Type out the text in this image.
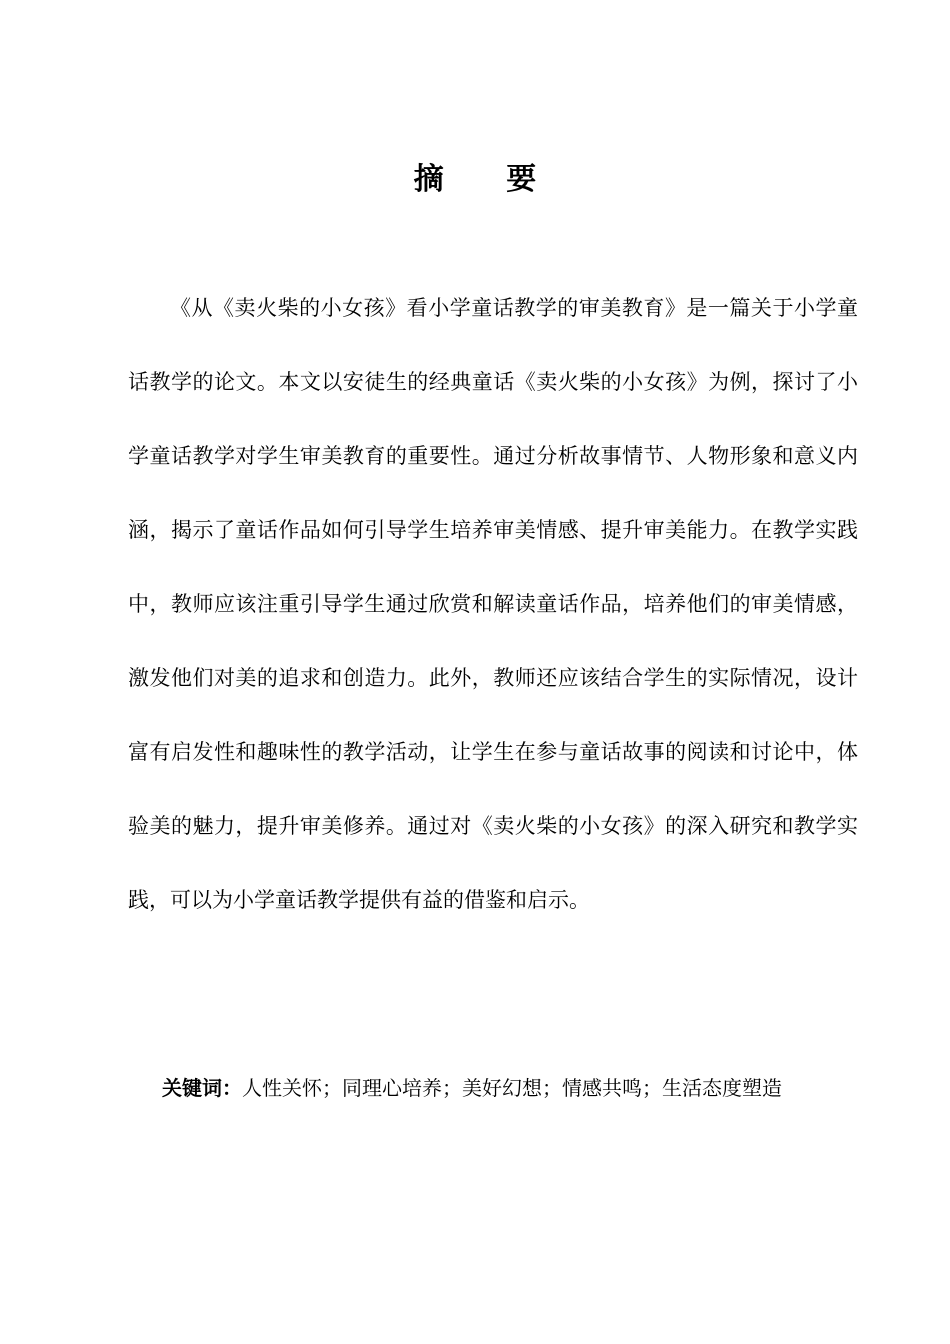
摘 要

《从《卖火柴的小女孩》看小学童话教学的审美教育》是一篇关于小学童话教学的论文。本文以安徒生的经典童话《卖火柴的小女孩》为例，探讨了小学童话教学对学生审美教育的重要性。通过分析故事情节、人物形象和意义内涵，揭示了童话作品如何引导学生培养审美情感、提升审美能力。在教学实践中，教师应该注重引导学生通过欣赏和解读童话作品，培养他们的审美情感，激发他们对美的追求和创造力。此外，教师还应该结合学生的实际情况，设计富有启发性和趣味性的教学活动，让学生在参与童话故事的阅读和讨论中，体验美的魅力，提升审美修养。通过对《卖火柴的小女孩》的深入研究和教学实践，可以为小学童话教学提供有益的借鉴和启示。

关键词：人性关怀；同理心培养；美好幻想；情感共鸣；生活态度塑造
